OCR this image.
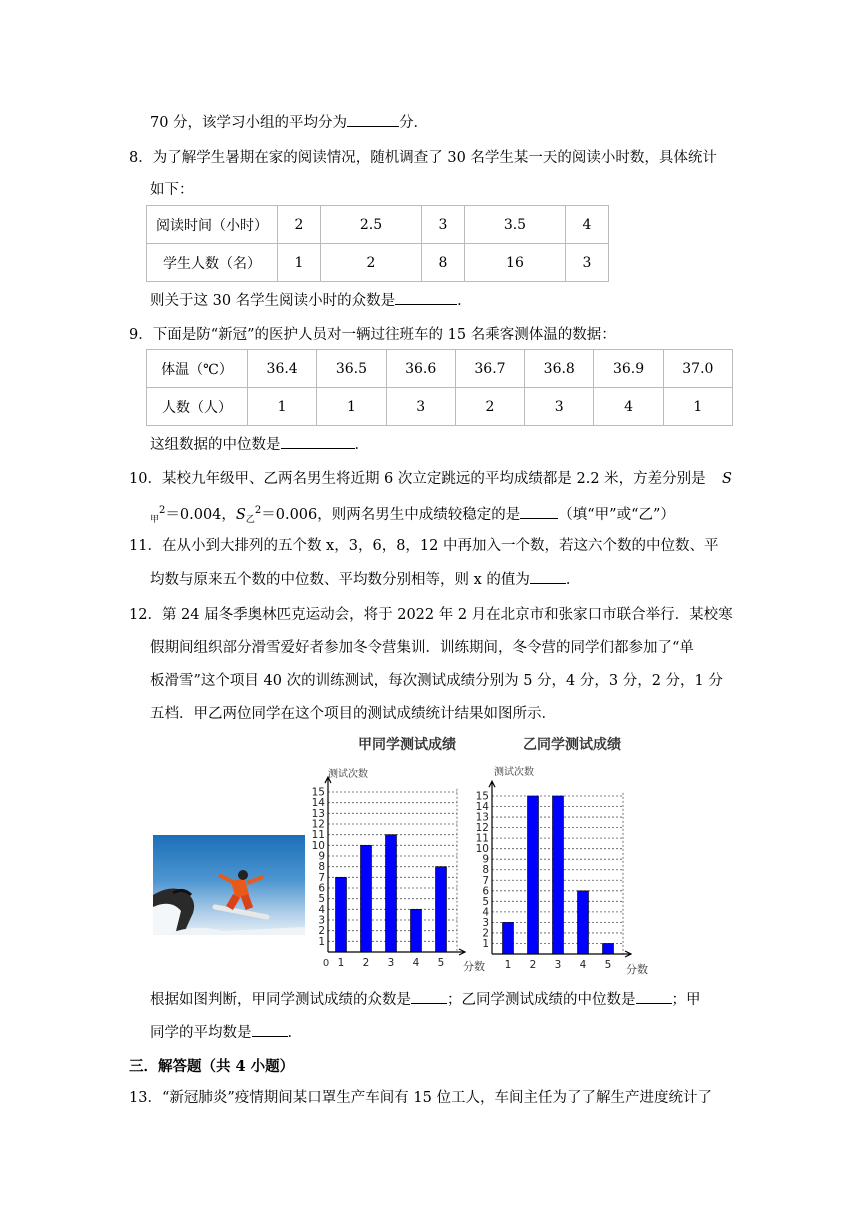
70 分，该学习小组的平均分为	分．
8．为了解学生暑期在家的阅读情况，随机调查了 30 名学生某一天的阅读小时数，具体统计
如下：
阅读时间（小时）	2	2.5	3	3.5	4
学生人数（名）	1	2	8	16	3
则关于这 30 名学生阅读小时的众数是	．
9．下面是防“新冠”的医护人员对一辆过往班车的 15 名乘客测体温的数据：
体温（℃）	36.4	36.5	36.6	36.7	36.8	36.9	37.0
人数（人）	1	1	3	2	3	4	1
这组数据的中位数是	．
10．某校九年级甲、乙两名男生将近期 6 次立定跳远的平均成绩都是 2.2 米，方差分别是 S
$_甲^2$＝0.004，$S_乙^2=0.006$，则两名男生中成绩较稳定的是	（填“甲”或“乙”）
11．在从小到大排列的五个数 x，3，6，8，12 中再加入一个数，若这六个数的中位数、平
均数与原来五个数的中位数、平均数分别相等，则 x 的值为 ．
12．第 24 届冬季奥林匹克运动会，将于 2022 年 2 月在北京市和张家口市联合举行．某校寒
假期间组织部分滑雪爱好者参加冬令营集训．训练期间，冬令营的同学们都参加了“单
板滑雪”这个项目 40 次的训练测试，每次测试成绩分别为 5 分，4 分，3 分，2 分，1 分
五档．甲乙两位同学在这个项目的测试成绩统计结果如图所示．
甲同学测试成绩
测试次数
分数
0
1
2
3
4
5
6
7
8
9
10
11
12
13
14
15
1 2 3 4 5
乙同学测试成绩
测试次数
分数
1
2
3
4
5
6
7
8
9
10
11
12
13
14
15
1 2 3 4 5
根据如图判断，甲同学测试成绩的众数是 ；乙同学测试成绩的中位数是 ；甲
同学的平均数是 ．
三．解答题（共 4 小题）
13．“新冠肺炎”疫情期间某口罩生产车间有 15 位工人，车间主任为了了解生产进度统计了
